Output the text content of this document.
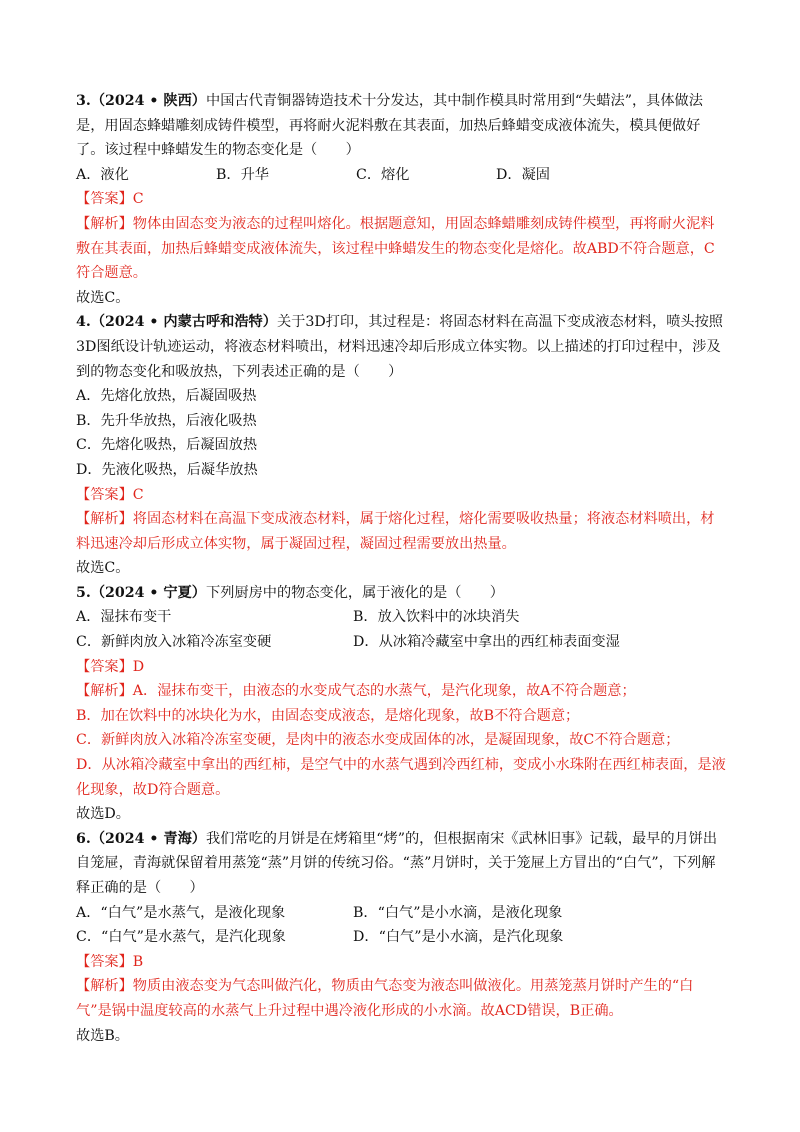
3.（2024 • 陕西）中国古代青铜器铸造技术十分发达，其中制作模具时常用到“失蜡法”，具体做法是，用固态蜂蜡雕刻成铸件模型，再将耐火泥料敷在其表面，加热后蜂蜡变成液体流失，模具便做好了。该过程中蜂蜡发生的物态变化是（　　）

A．液化	B．升华	C．熔化	D．凝固

【答案】C

【解析】物体由固态变为液态的过程叫熔化。根据题意知，用固态蜂蜡雕刻成铸件模型，再将耐火泥料敷在其表面，加热后蜂蜡变成液体流失，该过程中蜂蜡发生的物态变化是熔化。故ABD不符合题意，C符合题意。

故选C。

4.（2024 • 内蒙古呼和浩特）关于3D打印，其过程是：将固态材料在高温下变成液态材料，喷头按照3D图纸设计轨迹运动，将液态材料喷出，材料迅速冷却后形成立体实物。以上描述的打印过程中，涉及到的物态变化和吸放热，下列表述正确的是（　　）

A．先熔化放热，后凝固吸热

B．先升华放热，后液化吸热

C．先熔化吸热，后凝固放热

D．先液化吸热，后凝华放热

【答案】C

【解析】将固态材料在高温下变成液态材料，属于熔化过程，熔化需要吸收热量；将液态材料喷出，材料迅速冷却后形成立体实物，属于凝固过程，凝固过程需要放出热量。

故选C。

5.（2024 • 宁夏）下列厨房中的物态变化，属于液化的是（　　）

A．湿抹布变干	B．放入饮料中的冰块消失

C．新鲜肉放入冰箱冷冻室变硬	D．从冰箱冷藏室中拿出的西红柿表面变湿

【答案】D

【解析】A．湿抹布变干，由液态的水变成气态的水蒸气，是汽化现象，故A不符合题意；

B．加在饮料中的冰块化为水，由固态变成液态，是熔化现象，故B不符合题意；

C．新鲜肉放入冰箱冷冻室变硬，是肉中的液态水变成固体的冰，是凝固现象，故C不符合题意；

D．从冰箱冷藏室中拿出的西红柿，是空气中的水蒸气遇到冷西红柿，变成小水珠附在西红柿表面，是液化现象，故D符合题意。

故选D。

6.（2024 • 青海）我们常吃的月饼是在烤箱里“烤”的，但根据南宋《武林旧事》记载，最早的月饼出自笼屉，青海就保留着用蒸笼“蒸”月饼的传统习俗。“蒸”月饼时，关于笼屉上方冒出的“白气”，下列解释正确的是（　　）

A．“白气”是水蒸气，是液化现象	B．“白气”是小水滴，是液化现象

C．“白气”是水蒸气，是汽化现象	D．“白气”是小水滴，是汽化现象

【答案】B

【解析】物质由液态变为气态叫做汽化，物质由气态变为液态叫做液化。用蒸笼蒸月饼时产生的“白气”是锅中温度较高的水蒸气上升过程中遇冷液化形成的小水滴。故ACD错误，B正确。

故选B。
